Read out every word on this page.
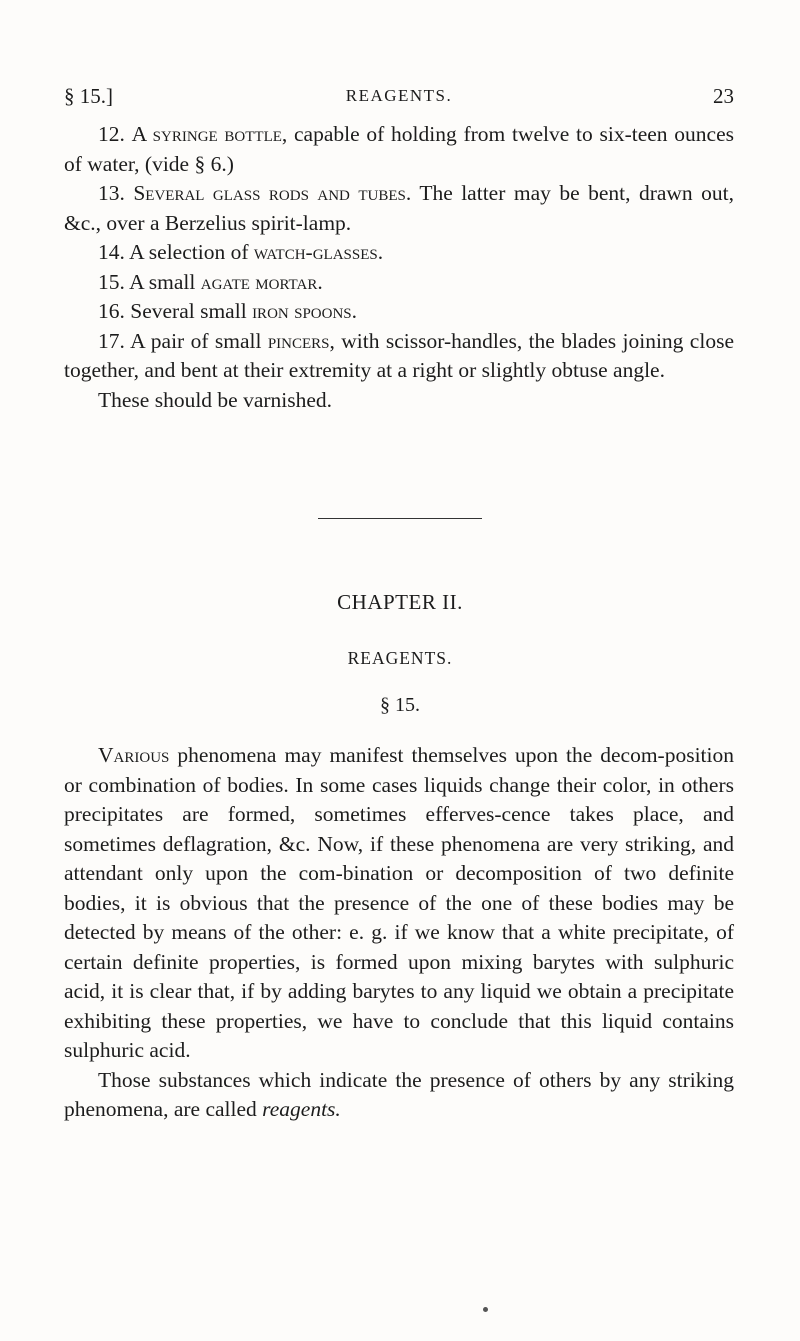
§ 15.]	REAGENTS.	23

12. A syringe bottle, capable of holding from twelve to six-teen ounces of water, (vide § 6.)

13. Several glass rods and tubes. The latter may be bent, drawn out, &c., over a Berzelius spirit-lamp.

14. A selection of watch-glasses.

15. A small agate mortar.

16. Several small iron spoons.

17. A pair of small pincers, with scissor-handles, the blades joining close together, and bent at their extremity at a right or slightly obtuse angle.

These should be varnished.

CHAPTER II.
REAGENTS.
§ 15.

Various phenomena may manifest themselves upon the decom-position or combination of bodies. In some cases liquids change their color, in others precipitates are formed, sometimes efferves-cence takes place, and sometimes deflagration, &c. Now, if these phenomena are very striking, and attendant only upon the com-bination or decomposition of two definite bodies, it is obvious that the presence of the one of these bodies may be detected by means of the other: e. g. if we know that a white precipitate, of certain definite properties, is formed upon mixing barytes with sulphuric acid, it is clear that, if by adding barytes to any liquid we obtain a precipitate exhibiting these properties, we have to conclude that this liquid contains sulphuric acid.

Those substances which indicate the presence of others by any striking phenomena, are called reagents.
